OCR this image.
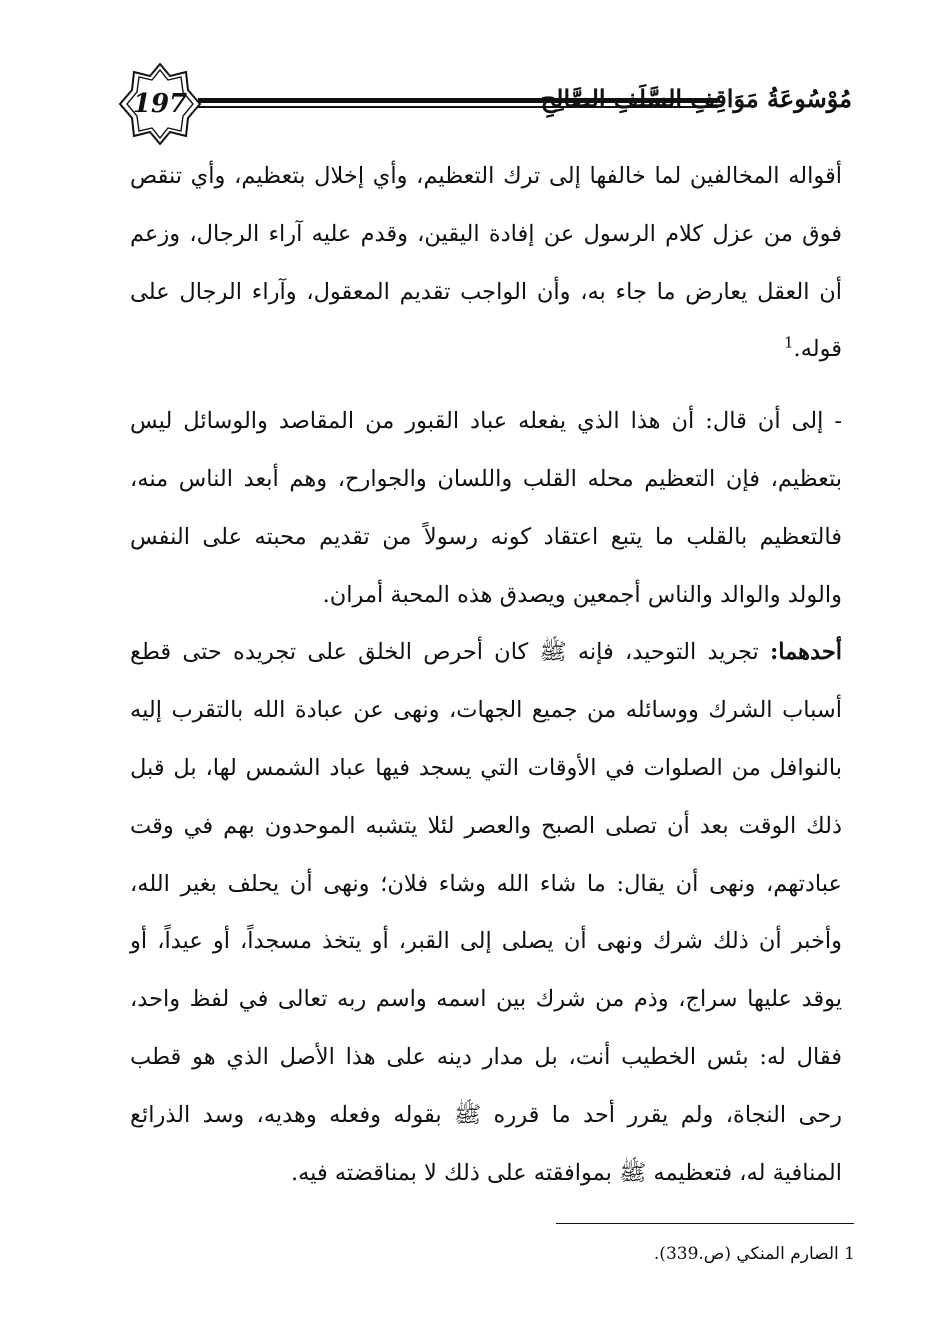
197	مُوْسُوعَةُ مَوَاقِفِ السَّلَفِ الصَّالِحِ

أقواله المخالفين لما خالفها إلى ترك التعظيم، وأي إخلال بتعظيم، وأي تنقص فوق من عزل كلام الرسول عن إفادة اليقين، وقدم عليه آراء الرجال، وزعم أن العقل يعارض ما جاء به، وأن الواجب تقديم المعقول، وآراء الرجال على قوله.$^1$

- إلى أن قال: أن هذا الذي يفعله عباد القبور من المقاصد والوسائل ليس بتعظيم، فإن التعظيم محله القلب واللسان والجوارح، وهم أبعد الناس منه، فالتعظيم بالقلب ما يتبع اعتقاد كونه رسولاً من تقديم محبته على النفس والولد والوالد والناس أجمعين ويصدق هذه المحبة أمران.

أحدهما: تجريد التوحيد، فإنه ﷺ كان أحرص الخلق على تجريده حتى قطع أسباب الشرك ووسائله من جميع الجهات، ونهى عن عبادة الله بالتقرب إليه بالنوافل من الصلوات في الأوقات التي يسجد فيها عباد الشمس لها، بل قبل ذلك الوقت بعد أن تصلى الصبح والعصر لئلا يتشبه الموحدون بهم في وقت عبادتهم، ونهى أن يقال: ما شاء الله وشاء فلان؛ ونهى أن يحلف بغير الله، وأخبر أن ذلك شرك ونهى أن يصلى إلى القبر، أو يتخذ مسجداً، أو عيداً، أو يوقد عليها سراج، وذم من شرك بين اسمه واسم ربه تعالى في لفظ واحد، فقال له: بئس الخطيب أنت، بل مدار دينه على هذا الأصل الذي هو قطب رحى النجاة، ولم يقرر أحد ما قرره ﷺ بقوله وفعله وهديه، وسد الذرائع المنافية له، فتعظيمه ﷺ بموافقته على ذلك لا بمناقضته فيه.

1 الصارم المنكي (ص.339).
